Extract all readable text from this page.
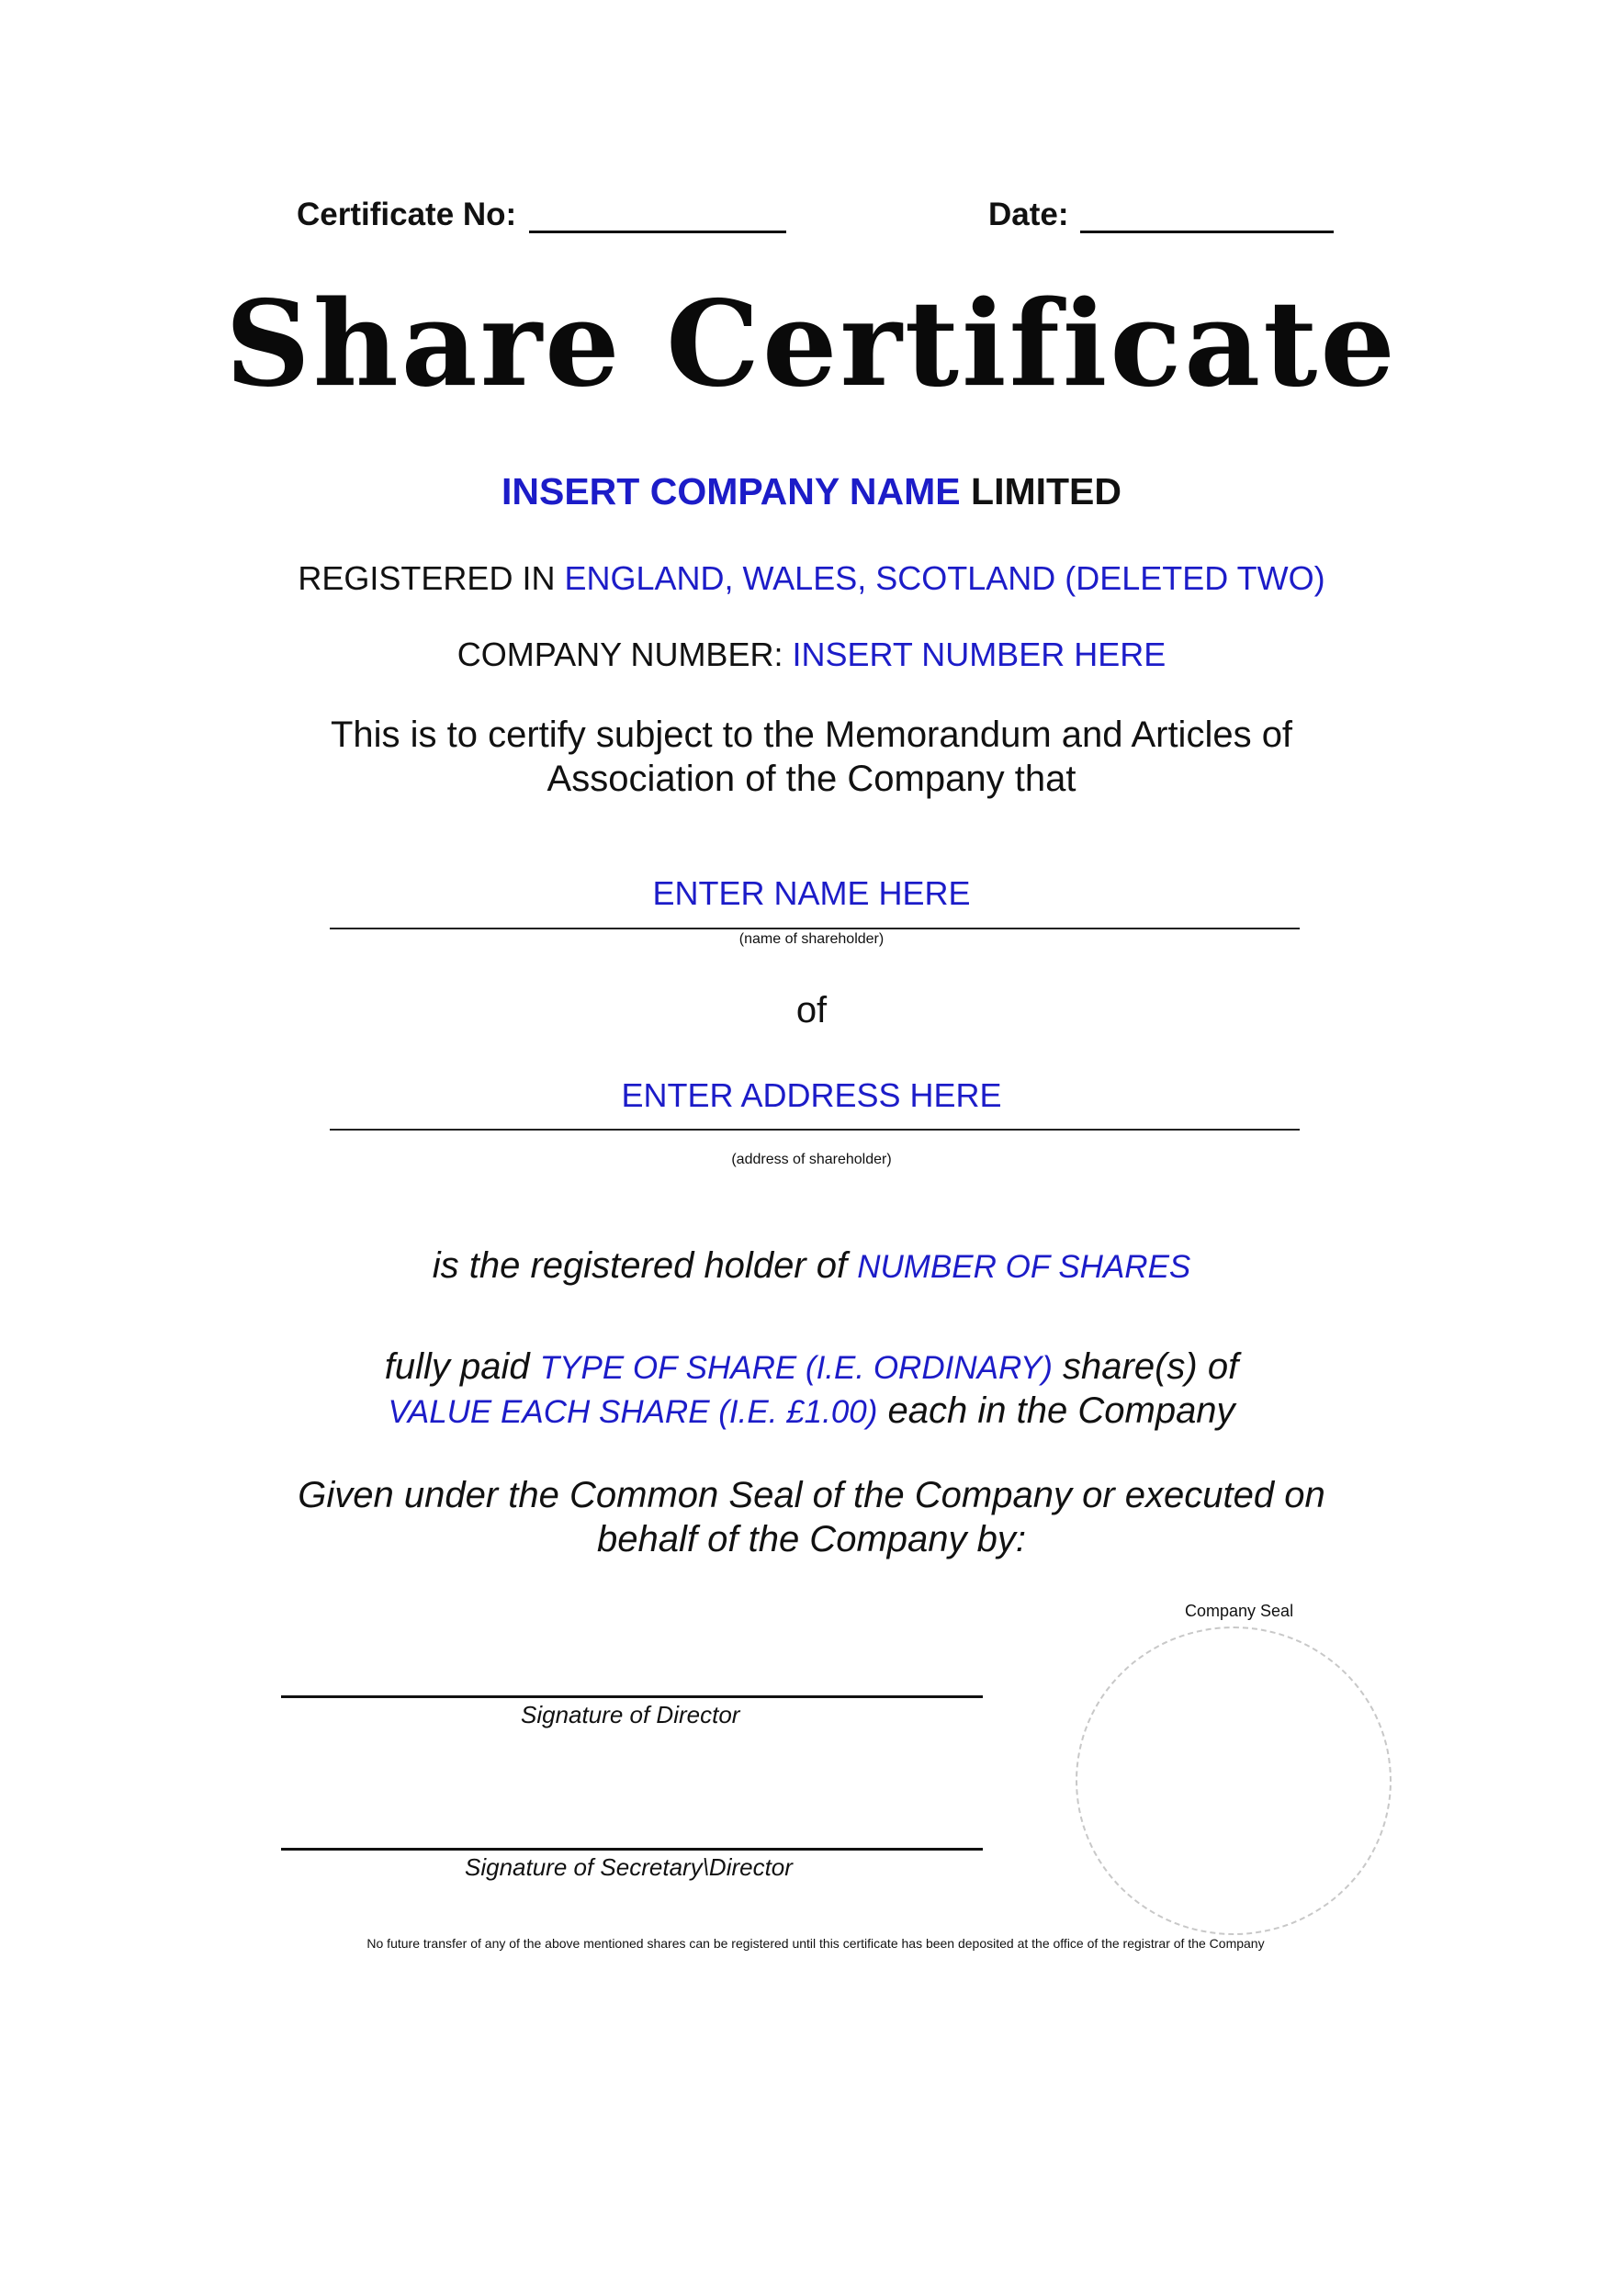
Certificate No:	Date:
Share Certificate
INSERT COMPANY NAME LIMITED
REGISTERED IN ENGLAND, WALES, SCOTLAND (DELETED TWO)
COMPANY NUMBER: INSERT NUMBER HERE
This is to certify subject to the Memorandum and Articles of
Association of the Company that
ENTER NAME HERE
(name of shareholder)
of
ENTER ADDRESS HERE
(address of shareholder)
is the registered holder of NUMBER OF SHARES
fully paid TYPE OF SHARE (I.E. ORDINARY) share(s) of
VALUE EACH SHARE (I.E. £1.00) each in the Company
Given under the Common Seal of the Company or executed on
behalf of the Company by:
Company Seal
Signature of Director
Signature of Secretary\Director
No future transfer of any of the above mentioned shares can be registered until this certificate has been deposited at the office of the registrar of the Company
